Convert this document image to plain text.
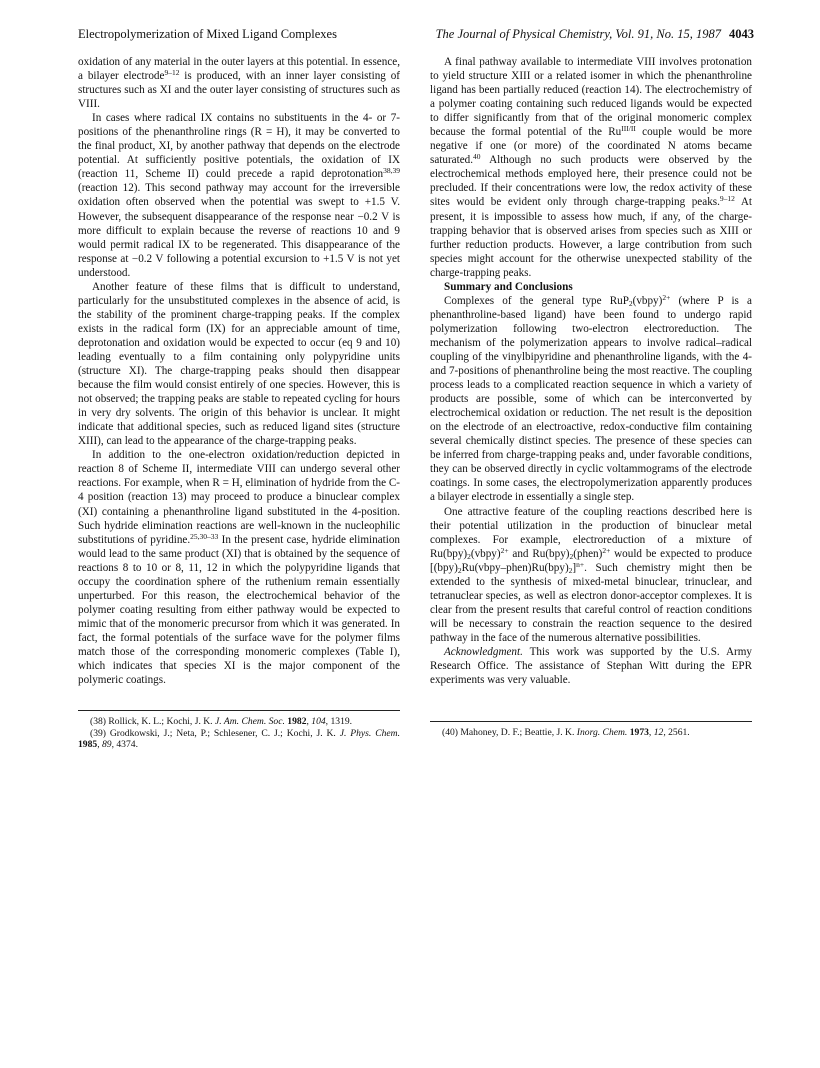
Electropolymerization of Mixed Ligand Complexes	The Journal of Physical Chemistry, Vol. 91, No. 15, 1987 4043

oxidation of any material in the outer layers at this potential. In essence, a bilayer electrode$^{9-12}$ is produced, with an inner layer consisting of structures such as XI and the outer layer consisting of structures such as VIII.

In cases where radical IX contains no substituents in the 4- or 7-positions of the phenanthroline rings (R = H), it may be converted to the final product, XI, by another pathway that depends on the electrode potential. At sufficiently positive potentials, the oxidation of IX (reaction 11, Scheme II) could precede a rapid deprotonation$^{38,39}$ (reaction 12). This second pathway may account for the irreversible oxidation often observed when the potential was swept to +1.5 V. However, the subsequent disappearance of the response near −0.2 V is more difficult to explain because the reverse of reactions 10 and 9 would permit radical IX to be regenerated. This disappearance of the response at −0.2 V following a potential excursion to +1.5 V is not yet understood.

Another feature of these films that is difficult to understand, particularly for the unsubstituted complexes in the absence of acid, is the stability of the prominent charge-trapping peaks. If the complex exists in the radical form (IX) for an appreciable amount of time, deprotonation and oxidation would be expected to occur (eq 9 and 10) leading eventually to a film containing only polypyridine units (structure XI). The charge-trapping peaks should then disappear because the film would consist entirely of one species. However, this is not observed; the trapping peaks are stable to repeated cycling for hours in very dry solvents. The origin of this behavior is unclear. It might indicate that additional species, such as reduced ligand sites (structure XIII), can lead to the appearance of the charge-trapping peaks.

In addition to the one-electron oxidation/reduction depicted in reaction 8 of Scheme II, intermediate VIII can undergo several other reactions. For example, when R = H, elimination of hydride from the C-4 position (reaction 13) may proceed to produce a binuclear complex (XI) containing a phenanthroline ligand substituted in the 4-position. Such hydride elimination reactions are well-known in the nucleophilic substitutions of pyridine.$^{25,30-33}$ In the present case, hydride elimination would lead to the same product (XI) that is obtained by the sequence of reactions 8 to 10 or 8, 11, 12 in which the polypyridine ligands that occupy the coordination sphere of the ruthenium remain essentially unperturbed. For this reason, the electrochemical behavior of the polymer coating resulting from either pathway would be expected to mimic that of the monomeric precursor from which it was generated. In fact, the formal potentials of the surface wave for the polymer films match those of the corresponding monomeric complexes (Table I), which indicates that species XI is the major component of the polymeric coatings.

(38) Rollick, K. L.; Kochi, J. K. J. Am. Chem. Soc. 1982, 104, 1319.

(39) Grodkowski, J.; Neta, P.; Schlesener, C. J.; Kochi, J. K. J. Phys. Chem. 1985, 89, 4374.

A final pathway available to intermediate VIII involves protonation to yield structure XIII or a related isomer in which the phenanthroline ligand has been partially reduced (reaction 14). The electrochemistry of a polymer coating containing such reduced ligands would be expected to differ significantly from that of the original monomeric complex because the formal potential of the $Ru^{III/II}$ couple would be more negative if one (or more) of the coordinated N atoms became saturated.$^{40}$ Although no such products were observed by the electrochemical methods employed here, their presence could not be precluded. If their concentrations were low, the redox activity of these sites would be evident only through charge-trapping peaks.$^{9-12}$ At present, it is impossible to assess how much, if any, of the charge-trapping behavior that is observed arises from species such as XIII or further reduction products. However, a large contribution from such species might account for the otherwise unexpected stability of the charge-trapping peaks.

Summary and Conclusions

Complexes of the general type RuP$_2$(vbpy)$^{2+}$ (where P is a phenanthroline-based ligand) have been found to undergo rapid polymerization following two-electron electroreduction. The mechanism of the polymerization appears to involve radical–radical coupling of the vinylbipyridine and phenanthroline ligands, with the 4- and 7-positions of phenanthroline being the most reactive. The coupling process leads to a complicated reaction sequence in which a variety of products are possible, some of which can be interconverted by electrochemical oxidation or reduction. The net result is the deposition on the electrode of an electroactive, redox-conductive film containing several chemically distinct species. The presence of these species can be inferred from charge-trapping peaks and, under favorable conditions, they can be observed directly in cyclic voltammograms of the electrode coatings. In some cases, the electropolymerization apparently produces a bilayer electrode in essentially a single step.

One attractive feature of the coupling reactions described here is their potential utilization in the production of binuclear metal complexes. For example, electroreduction of a mixture of $Ru(bpy)_2(vbpy)^{2+}$ and $Ru(bpy)_2(phen)^{2+}$ would be expected to produce $[(bpy)_2Ru(vbpy-phen)Ru(bpy)_2]^{n+}$. Such chemistry might then be extended to the synthesis of mixed-metal binuclear, trinuclear, and tetranuclear species, as well as electron donor-acceptor complexes. It is clear from the present results that careful control of reaction conditions will be necessary to constrain the reaction sequence to the desired pathway in the face of the numerous alternative possibilities.

Acknowledgment. This work was supported by the U.S. Army Research Office. The assistance of Stephan Witt during the EPR experiments was very valuable.

(40) Mahoney, D. F.; Beattie, J. K. Inorg. Chem. 1973, 12, 2561.
